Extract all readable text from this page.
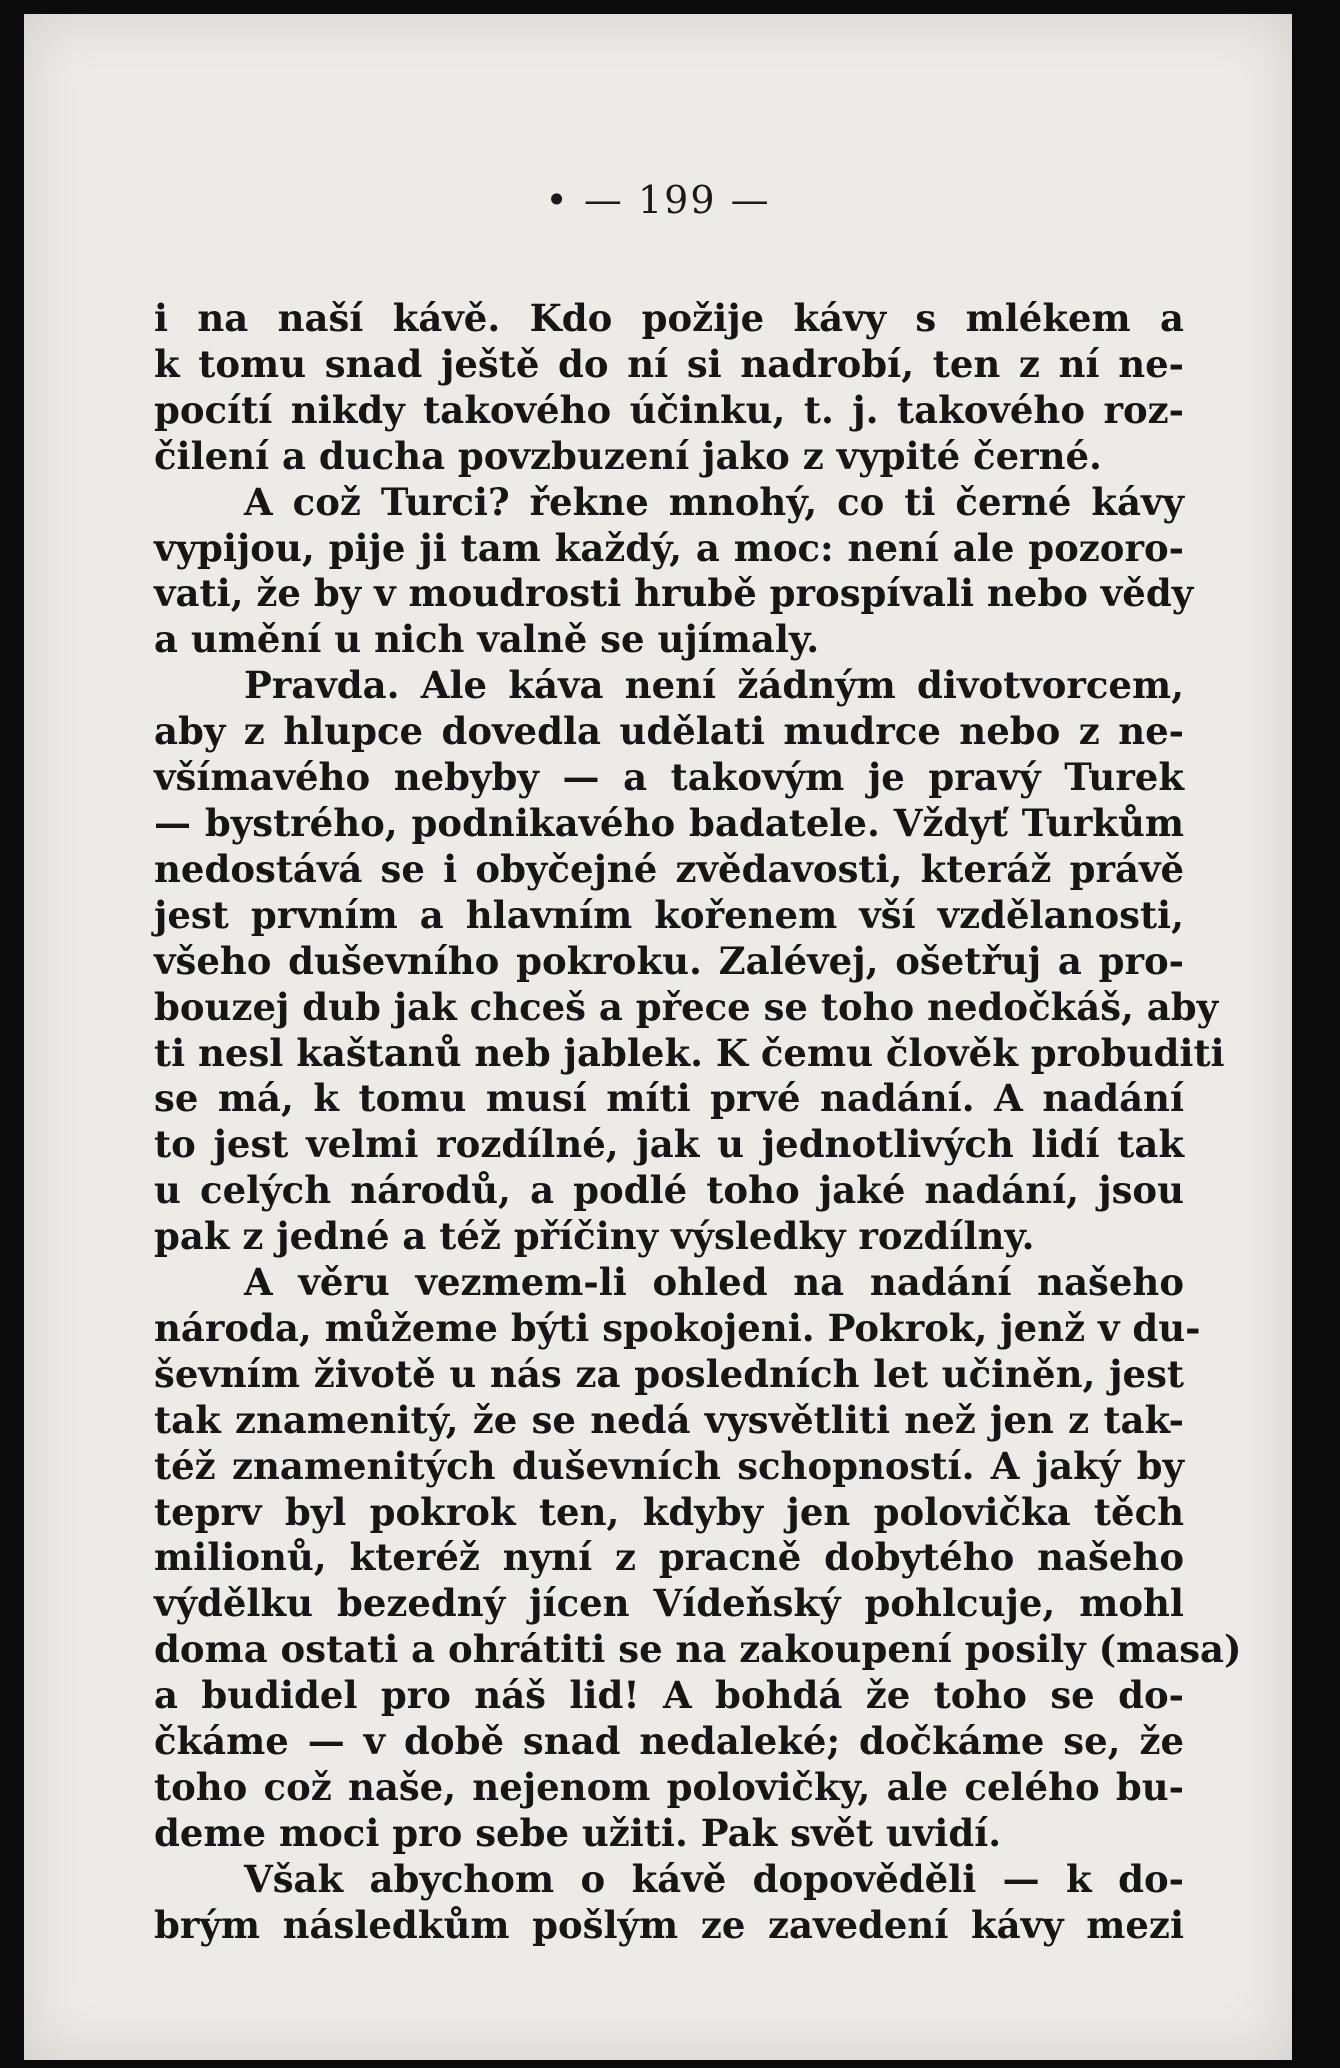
• — 199 —
i na naší kávě. Kdo požije kávy s mlékem a
k tomu snad ještě do ní si nadrobí, ten z ní ne-
pocítí nikdy takového účinku, t. j. takového roz-
čilení a ducha povzbuzení jako z vypité černé.
A což Turci? řekne mnohý, co ti černé kávy
vypijou, pije ji tam každý, a moc: není ale pozoro-
vati, že by v moudrosti hrubě prospívali nebo vědy
a umění u nich valně se ujímaly.
Pravda. Ale káva není žádným divotvorcem,
aby z hlupce dovedla udělati mudrce nebo z ne-
všímavého nebyby — a takovým je pravý Turek
— bystrého, podnikavého badatele. Vždyť Turkům
nedostává se i obyčejné zvědavosti, kteráž právě
jest prvním a hlavním kořenem vší vzdělanosti,
všeho duševního pokroku. Zalévej, ošetřuj a pro-
bouzej dub jak chceš a přece se toho nedočkáš, aby
ti nesl kaštanů neb jablek. K čemu člověk probuditi
se má, k tomu musí míti prvé nadání. A nadání
to jest velmi rozdílné, jak u jednotlivých lidí tak
u celých národů, a podlé toho jaké nadání, jsou
pak z jedné a též příčiny výsledky rozdílny.
A věru vezmem-li ohled na nadání našeho
národa, můžeme býti spokojeni. Pokrok, jenž v du-
ševním životě u nás za posledních let učiněn, jest
tak znamenitý, že se nedá vysvětliti než jen z tak-
též znamenitých duševních schopností. A jaký by
teprv byl pokrok ten, kdyby jen polovička těch
milionů, kteréž nyní z pracně dobytého našeho
výdělku bezedný jícen Vídeňský pohlcuje, mohl
doma ostati a ohrátiti se na zakoupení posily (masa)
a budidel pro náš lid! A bohdá že toho se do-
čkáme — v době snad nedaleké; dočkáme se, že
toho což naše, nejenom polovičky, ale celého bu-
deme moci pro sebe užiti. Pak svět uvidí.
Však abychom o kávě dopověděli — k do-
brým následkům pošlým ze zavedení kávy mezi
